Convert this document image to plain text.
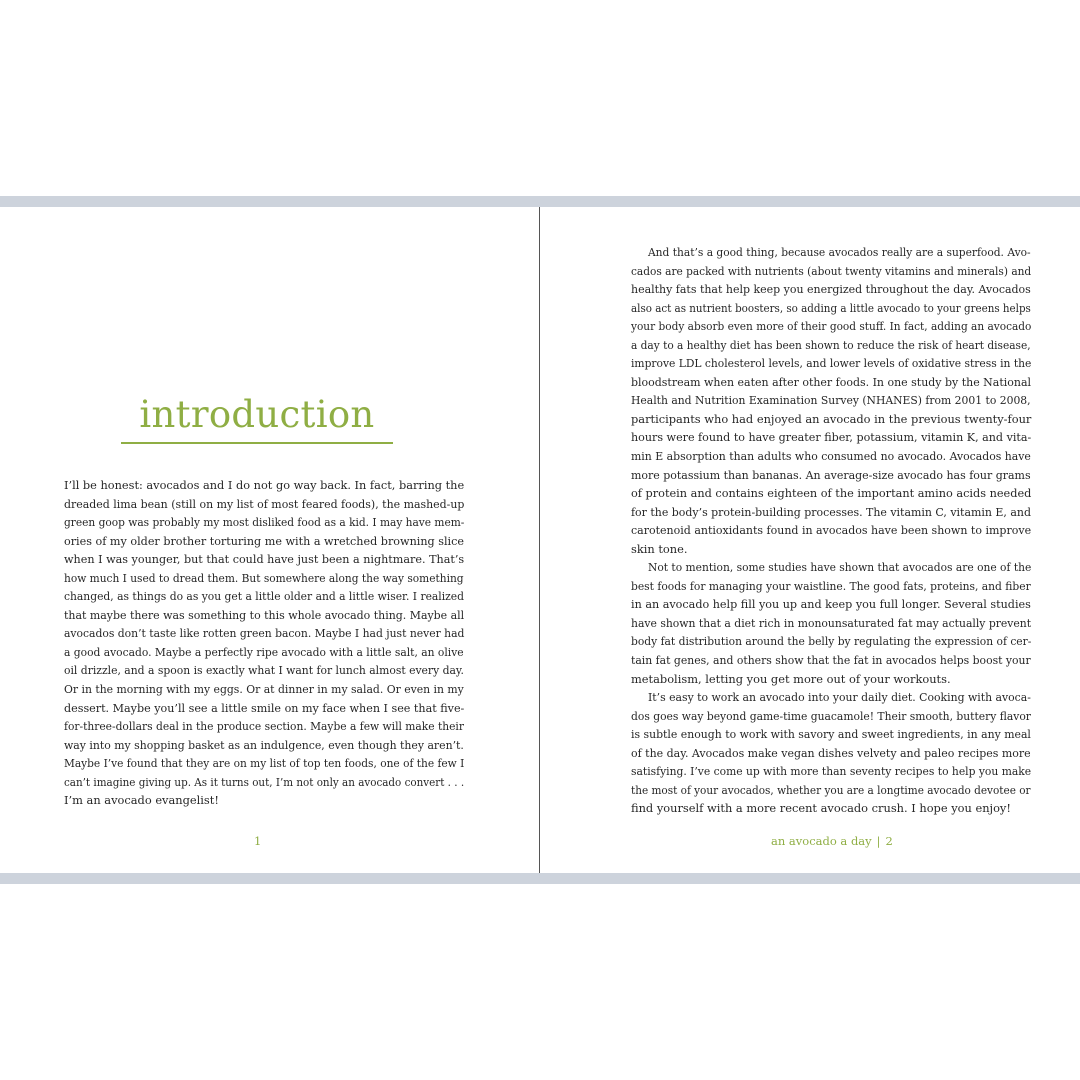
introduction
I’ll be honest: avocados and I do not go way back. In fact, barring the
dreaded lima bean (still on my list of most feared foods), the mashed-up
green goop was probably my most disliked food as a kid. I may have mem-
ories of my older brother torturing me with a wretched browning slice
when I was younger, but that could have just been a nightmare. That’s
how much I used to dread them. But somewhere along the way something
changed, as things do as you get a little older and a little wiser. I realized
that maybe there was something to this whole avocado thing. Maybe all
avocados don’t taste like rotten green bacon. Maybe I had just never had
a good avocado. Maybe a perfectly ripe avocado with a little salt, an olive
oil drizzle, and a spoon is exactly what I want for lunch almost every day.
Or in the morning with my eggs. Or at dinner in my salad. Or even in my
dessert. Maybe you’ll see a little smile on my face when I see that five-
for-three-dollars deal in the produce section. Maybe a few will make their
way into my shopping basket as an indulgence, even though they aren’t.
Maybe I’ve found that they are on my list of top ten foods, one of the few I
can’t imagine giving up. As it turns out, I’m not only an avocado convert . . .
I’m an avocado evangelist!
1
And that’s a good thing, because avocados really are a superfood. Avo-
cados are packed with nutrients (about twenty vitamins and minerals) and
healthy fats that help keep you energized throughout the day. Avocados
also act as nutrient boosters, so adding a little avocado to your greens helps
your body absorb even more of their good stuff. In fact, adding an avocado
a day to a healthy diet has been shown to reduce the risk of heart disease,
improve LDL cholesterol levels, and lower levels of oxidative stress in the
bloodstream when eaten after other foods. In one study by the National
Health and Nutrition Examination Survey (NHANES) from 2001 to 2008,
participants who had enjoyed an avocado in the previous twenty-four
hours were found to have greater fiber, potassium, vitamin K, and vita-
min E absorption than adults who consumed no avocado. Avocados have
more potassium than bananas. An average-size avocado has four grams
of protein and contains eighteen of the important amino acids needed
for the body’s protein-building processes. The vitamin C, vitamin E, and
carotenoid antioxidants found in avocados have been shown to improve
skin tone.
Not to mention, some studies have shown that avocados are one of the
best foods for managing your waistline. The good fats, proteins, and fiber
in an avocado help fill you up and keep you full longer. Several studies
have shown that a diet rich in monounsaturated fat may actually prevent
body fat distribution around the belly by regulating the expression of cer-
tain fat genes, and others show that the fat in avocados helps boost your
metabolism, letting you get more out of your workouts.
It’s easy to work an avocado into your daily diet. Cooking with avoca-
dos goes way beyond game-time guacamole! Their smooth, buttery flavor
is subtle enough to work with savory and sweet ingredients, in any meal
of the day. Avocados make vegan dishes velvety and paleo recipes more
satisfying. I’ve come up with more than seventy recipes to help you make
the most of your avocados, whether you are a longtime avocado devotee or
find yourself with a more recent avocado crush. I hope you enjoy!
an avocado a day | 2
